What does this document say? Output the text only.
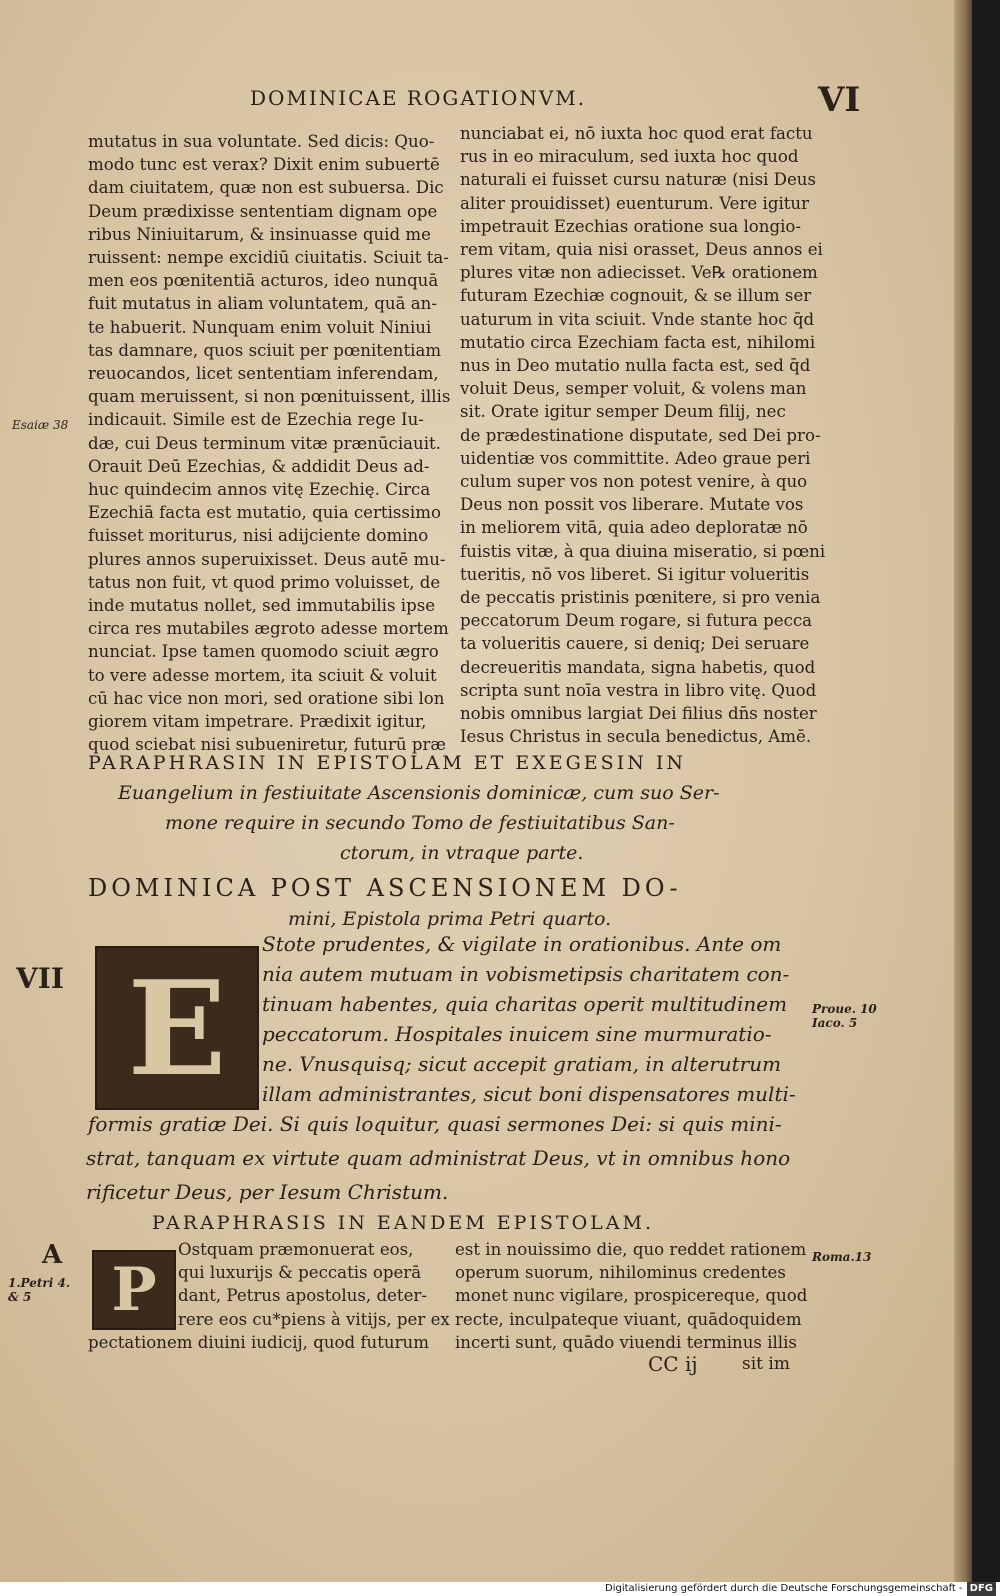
DOMINICAE ROGATIONVM.	VI

mutatus in sua voluntate. Sed dicis: Quo-

modo tunc est verax? Dixit enim subuertē

dam ciuitatem, quæ non est subuersa. Dic

Deum prædixisse sententiam dignam ope

ribus Niniuitarum, & insinuasse quid me

ruissent: nempe excidiū ciuitatis. Sciuit ta-

men eos pœnitentiā acturos, ideo nunquā

fuit mutatus in aliam voluntatem, quā an-

te habuerit. Nunquam enim voluit Niniui

tas damnare, quos sciuit per pœnitentiam

reuocandos, licet sententiam inferendam,

quam meruissent, si non pœnituissent, illis

indicauit. Simile est de Ezechia rege Iu-

dæ, cui Deus terminum vitæ prænūciauit.

Orauit Deū Ezechias, & addidit Deus ad-

huc quindecim annos vitę Ezechię. Circa

Ezechiā facta est mutatio, quia certissimo

fuisset moriturus, nisi adijciente domino

plures annos superuixisset. Deus autē mu-

tatus non fuit, vt quod primo voluisset, de

inde mutatus nollet, sed immutabilis ipse

circa res mutabiles ægroto adesse mortem

nunciat. Ipse tamen quomodo sciuit ægro

to vere adesse mortem, ita sciuit & voluit

cū hac vice non mori, sed oratione sibi lon

giorem vitam impetrare. Prædixit igitur,

quod sciebat nisi subueniretur, futurū præ

nunciabat ei, nō iuxta hoc quod erat factu

rus in eo miraculum, sed iuxta hoc quod

naturali ei fuisset cursu naturæ (nisi Deus

aliter prouidisset) euenturum. Vere igitur

impetrauit Ezechias oratione sua longio-

rem vitam, quia nisi orasset, Deus annos ei

plures vitæ non adiecisset. Ve℞ orationem

futuram Ezechiæ cognouit, & se illum ser

uaturum in vita sciuit. Vnde stante hoc q̄d

mutatio circa Ezechiam facta est, nihilomi

nus in Deo mutatio nulla facta est, sed q̄d

voluit Deus, semper voluit, & volens man

sit. Orate igitur semper Deum filij, nec

de prædestinatione disputate, sed Dei pro-

uidentiæ vos committite. Adeo graue peri

culum super vos non potest venire, à quo

Deus non possit vos liberare. Mutate vos

in meliorem vitā, quia adeo deploratæ nō

fuistis vitæ, à qua diuina miseratio, si pœni

tueritis, nō vos liberet. Si igitur volueritis

de peccatis pristinis pœnitere, si pro venia

peccatorum Deum rogare, si futura pecca

ta volueritis cauere, si deniq; Dei seruare

decreueritis mandata, signa habetis, quod

scripta sunt noīa vestra in libro vitę. Quod

nobis omnibus largiat Dei filius dn̄s noster

Iesus Christus in secula benedictus, Amē.

Esaiæ 38
PARAPHRASIN IN EPISTOLAM ET EXEGESIN IN
Euangelium in festiuitate Ascensionis dominicæ, cum suo Ser-
mone require in secundo Tomo de festiuitatibus San-
ctorum, in vtraque parte.
DOMINICA POST ASCENSIONEM DO-
mini, Epistola prima Petri quarto.
VII
Proue. 10
Iaco. 5
E
Stote prudentes, & vigilate in orationibus. Ante om
nia autem mutuam in vobismetipsis charitatem con-
tinuam habentes, quia charitas operit multitudinem
peccatorum. Hospitales inuicem sine murmuratio-
ne. Vnusquisq; sicut accepit gratiam, in alterutrum
illam administrantes, sicut boni dispensatores multi-
formis gratiæ Dei. Si quis loquitur, quasi sermones Dei: si quis mini-
strat, tanquam ex virtute quam administrat Deus, vt in omnibus hono
rificetur Deus, per Iesum Christum.
PARAPHRASIS IN EANDEM EPISTOLAM.
A
1.Petri 4.
& 5
Roma.13
P

Ostquam præmonuerat eos,

qui luxurijs & peccatis operā

dant, Petrus apostolus, deter-

rere eos cu*piens à vitijs, per ex

pectationem diuini iudicij, quod futurum

est in nouissimo die, quo reddet rationem

operum suorum, nihilominus credentes

monet nunc vigilare, prospicereque, quod

recte, inculpateque viuant, quādoquidem

incerti sunt, quādo viuendi terminus illis

CC ij	sit im
Digitalisierung gefördert durch die Deutsche Forschungsgemeinschaft - DFG
